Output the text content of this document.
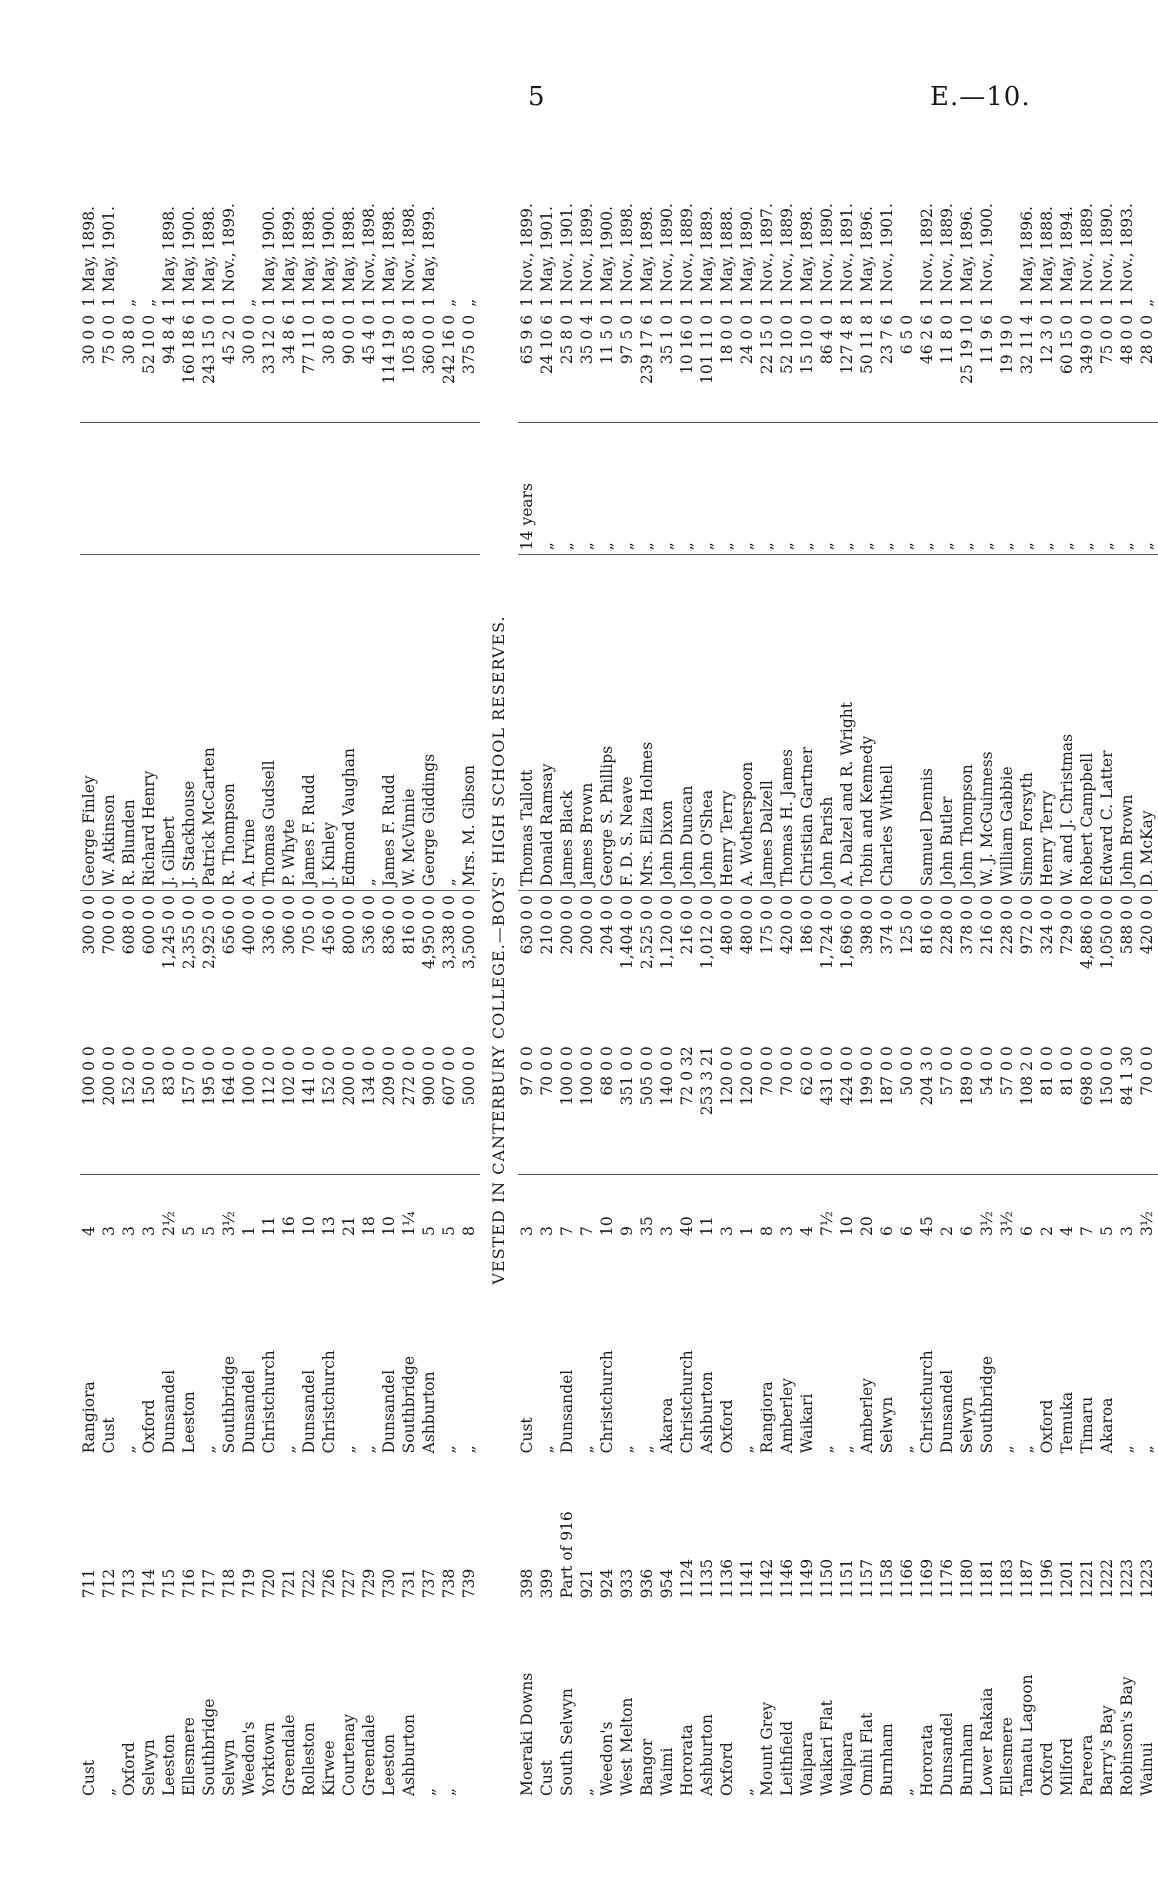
5	E.—10.
Cust	711	Rangiora	4	100 0 0	300 0 0	George Finley		30 0 0	1 May, 1898.
„	712	Cust	3	200 0 0	700 0 0	W. Atkinson		75 0 0	1 May, 1901.
Oxford	713	„	3	152 0 0	608 0 0	R. Blunden		30 8 0	„
Selwyn	714	Oxford	3	150 0 0	600 0 0	Richard Henry		52 10 0	„
Leeston	715	Dunsandel	2½	83 0 0	1,245 0 0	J. Gilbert		94 8 4	1 May, 1898.
Ellesmere	716	Leeston	5	157 0 0	2,355 0 0	J. Stackhouse		160 18 6	1 May, 1900.
Southbridge	717	„	5	195 0 0	2,925 0 0	Patrick McCarten		243 15 0	1 May, 1898.
Selwyn	718	Southbridge	3½	164 0 0	656 0 0	R. Thompson		45 2 0	1 Nov., 1899.
Weedon's	719	Dunsandel	1	100 0 0	400 0 0	A. Irvine		30 0 0	„
Yorktown	720	Christchurch	11	112 0 0	336 0 0	Thomas Gudsell		33 12 0	1 May, 1900.
Greendale	721	„	16	102 0 0	306 0 0	P. Whyte		34 8 6	1 May, 1899.
Rolleston	722	Dunsandel	10	141 0 0	705 0 0	James F. Rudd		77 11 0	1 May, 1898.
Kirwee	726	Christchurch	13	152 0 0	456 0 0	J. Kinley		30 8 0	1 May, 1900.
Courtenay	727	„	21	200 0 0	800 0 0	Edmond Vaughan		90 0 0	1 May, 1898.
Greendale	729	„	18	134 0 0	536 0 0	„		45 4 0	1 Nov., 1898.
Leeston	730	Dunsandel	10	209 0 0	836 0 0	James F. Rudd		114 19 0	1 May, 1898.
Ashburton	731	Southbridge	1¼	272 0 0	816 0 0	W. McVinnie		105 8 0	1 Nov., 1898.
„	737	Ashburton	5	900 0 0	4,950 0 0	George Giddings		360 0 0	1 May, 1899.
„	738	„	5	607 0 0	3,338 0 0	„		242 16 0	„
	739	„	8	500 0 0	3,500 0 0	Mrs. M. Gibson		375 0 0	„
VESTED IN CANTERBURY COLLEGE.—BOYS' HIGH SCHOOL RESERVES.									
Moeraki Downs	398	Cust	3	97 0 0	630 0 0	Thomas Tallott	14 years	65 9 6	1 Nov., 1899.
Cust	399	„	3	70 0 0	210 0 0	Donald Ramsay	„	24 10 6	1 May, 1901.
South Selwyn	Part of 916	Dunsandel	7	100 0 0	200 0 0	James Black	„	25 8 0	1 Nov., 1901.
„	921	„	7	100 0 0	200 0 0	James Brown	„	35 0 4	1 Nov., 1899.
Weedon's	924	Christchurch	10	68 0 0	204 0 0	George S. Phillips	„	11 5 0	1 May, 1900.
West Melton	933	„	9	351 0 0	1,404 0 0	F. D. S. Neave	„	97 5 0	1 Nov., 1898.
Bangor	936	„	35	505 0 0	2,525 0 0	Mrs. Eliza Holmes	„	239 17 6	1 May, 1898.
Waimi	954	Akaroa	3	140 0 0	1,120 0 0	John Dixon	„	35 1 0	1 Nov., 1890.
Hororata	1124	Christchurch	40	72 0 32	216 0 0	John Duncan	„	10 16 0	1 Nov., 1889.
Ashburton	1135	Ashburton	11	253 3 21	1,012 0 0	John O'Shea	„	101 11 0	1 May, 1889.
Oxford	1136	Oxford	3	120 0 0	480 0 0	Henry Terry	„	18 0 0	1 May, 1888.
„	1141	„	1	120 0 0	480 0 0	A. Wotherspoon	„	24 0 0	1 May, 1890.
Mount Grey	1142	Rangiora	8	70 0 0	175 0 0	James Dalzell	„	22 15 0	1 Nov., 1897.
Leithfield	1146	Amberley	3	70 0 0	420 0 0	Thomas H. James	„	52 10 0	1 Nov., 1889.
Waipara	1149	Waikari	4	62 0 0	186 0 0	Christian Gartner	„	15 10 0	1 May, 1898.
Waikari Flat	1150	„	7½	431 0 0	1,724 0 0	John Parish	„	86 4 0	1 Nov., 1890.
Waipara	1151	„	10	424 0 0	1,696 0 0	A. Dalzel and R. Wright	„	127 4 8	1 Nov., 1891.
Omihi Flat	1157	Amberley	20	199 0 0	398 0 0	Tobin and Kennedy	„	50 11 8	1 May, 1896.
Burnham	1158	Selwyn	6	187 0 0	374 0 0	Charles Withell	„	23 7 6	1 Nov., 1901.
„	1166	„	6	50 0 0	125 0 0		„	6 5 0	
Hororata	1169	Christchurch	45	204 3 0	816 0 0	Samuel Dennis	„	46 2 6	1 Nov., 1892.
Dunsandel	1176	Dunsandel	2	57 0 0	228 0 0	John Butler	„	11 8 0	1 Nov., 1889.
Burnham	1180	Selwyn	6	189 0 0	378 0 0	John Thompson	„	25 19 10	1 May, 1896.
Lower Rakaia	1181	Southbridge	3½	54 0 0	216 0 0	W. J. McGuinness	„	11 9 6	1 Nov., 1900.
Ellesmere	1183	„	3½	57 0 0	228 0 0	William Gabbie	„	19 19 0	
Tamatu Lagoon	1187	„	6	108 2 0	972 0 0	Simon Forsyth	„	32 11 4	1 May, 1896.
Oxford	1196	Oxford	2	81 0 0	324 0 0	Henry Terry	„	12 3 0	1 May, 1888.
Milford	1201	Temuka	4	81 0 0	729 0 0	W. and J. Christmas	„	60 15 0	1 May, 1894.
Pareora	1221	Timaru	7	698 0 0	4,886 0 0	Robert Campbell	„	349 0 0	1 Nov., 1889.
Barry's Bay	1222	Akaroa	5	150 0 0	1,050 0 0	Edward C. Latter	„	75 0 0	1 Nov., 1890.
Robinson's Bay	1223	„	3	84 1 30	588 0 0	John Brown	„	48 0 0	1 Nov., 1893.
Wainui	1223	„	3½	70 0 0	420 0 0	D. McKay	„	28 0 0	„
